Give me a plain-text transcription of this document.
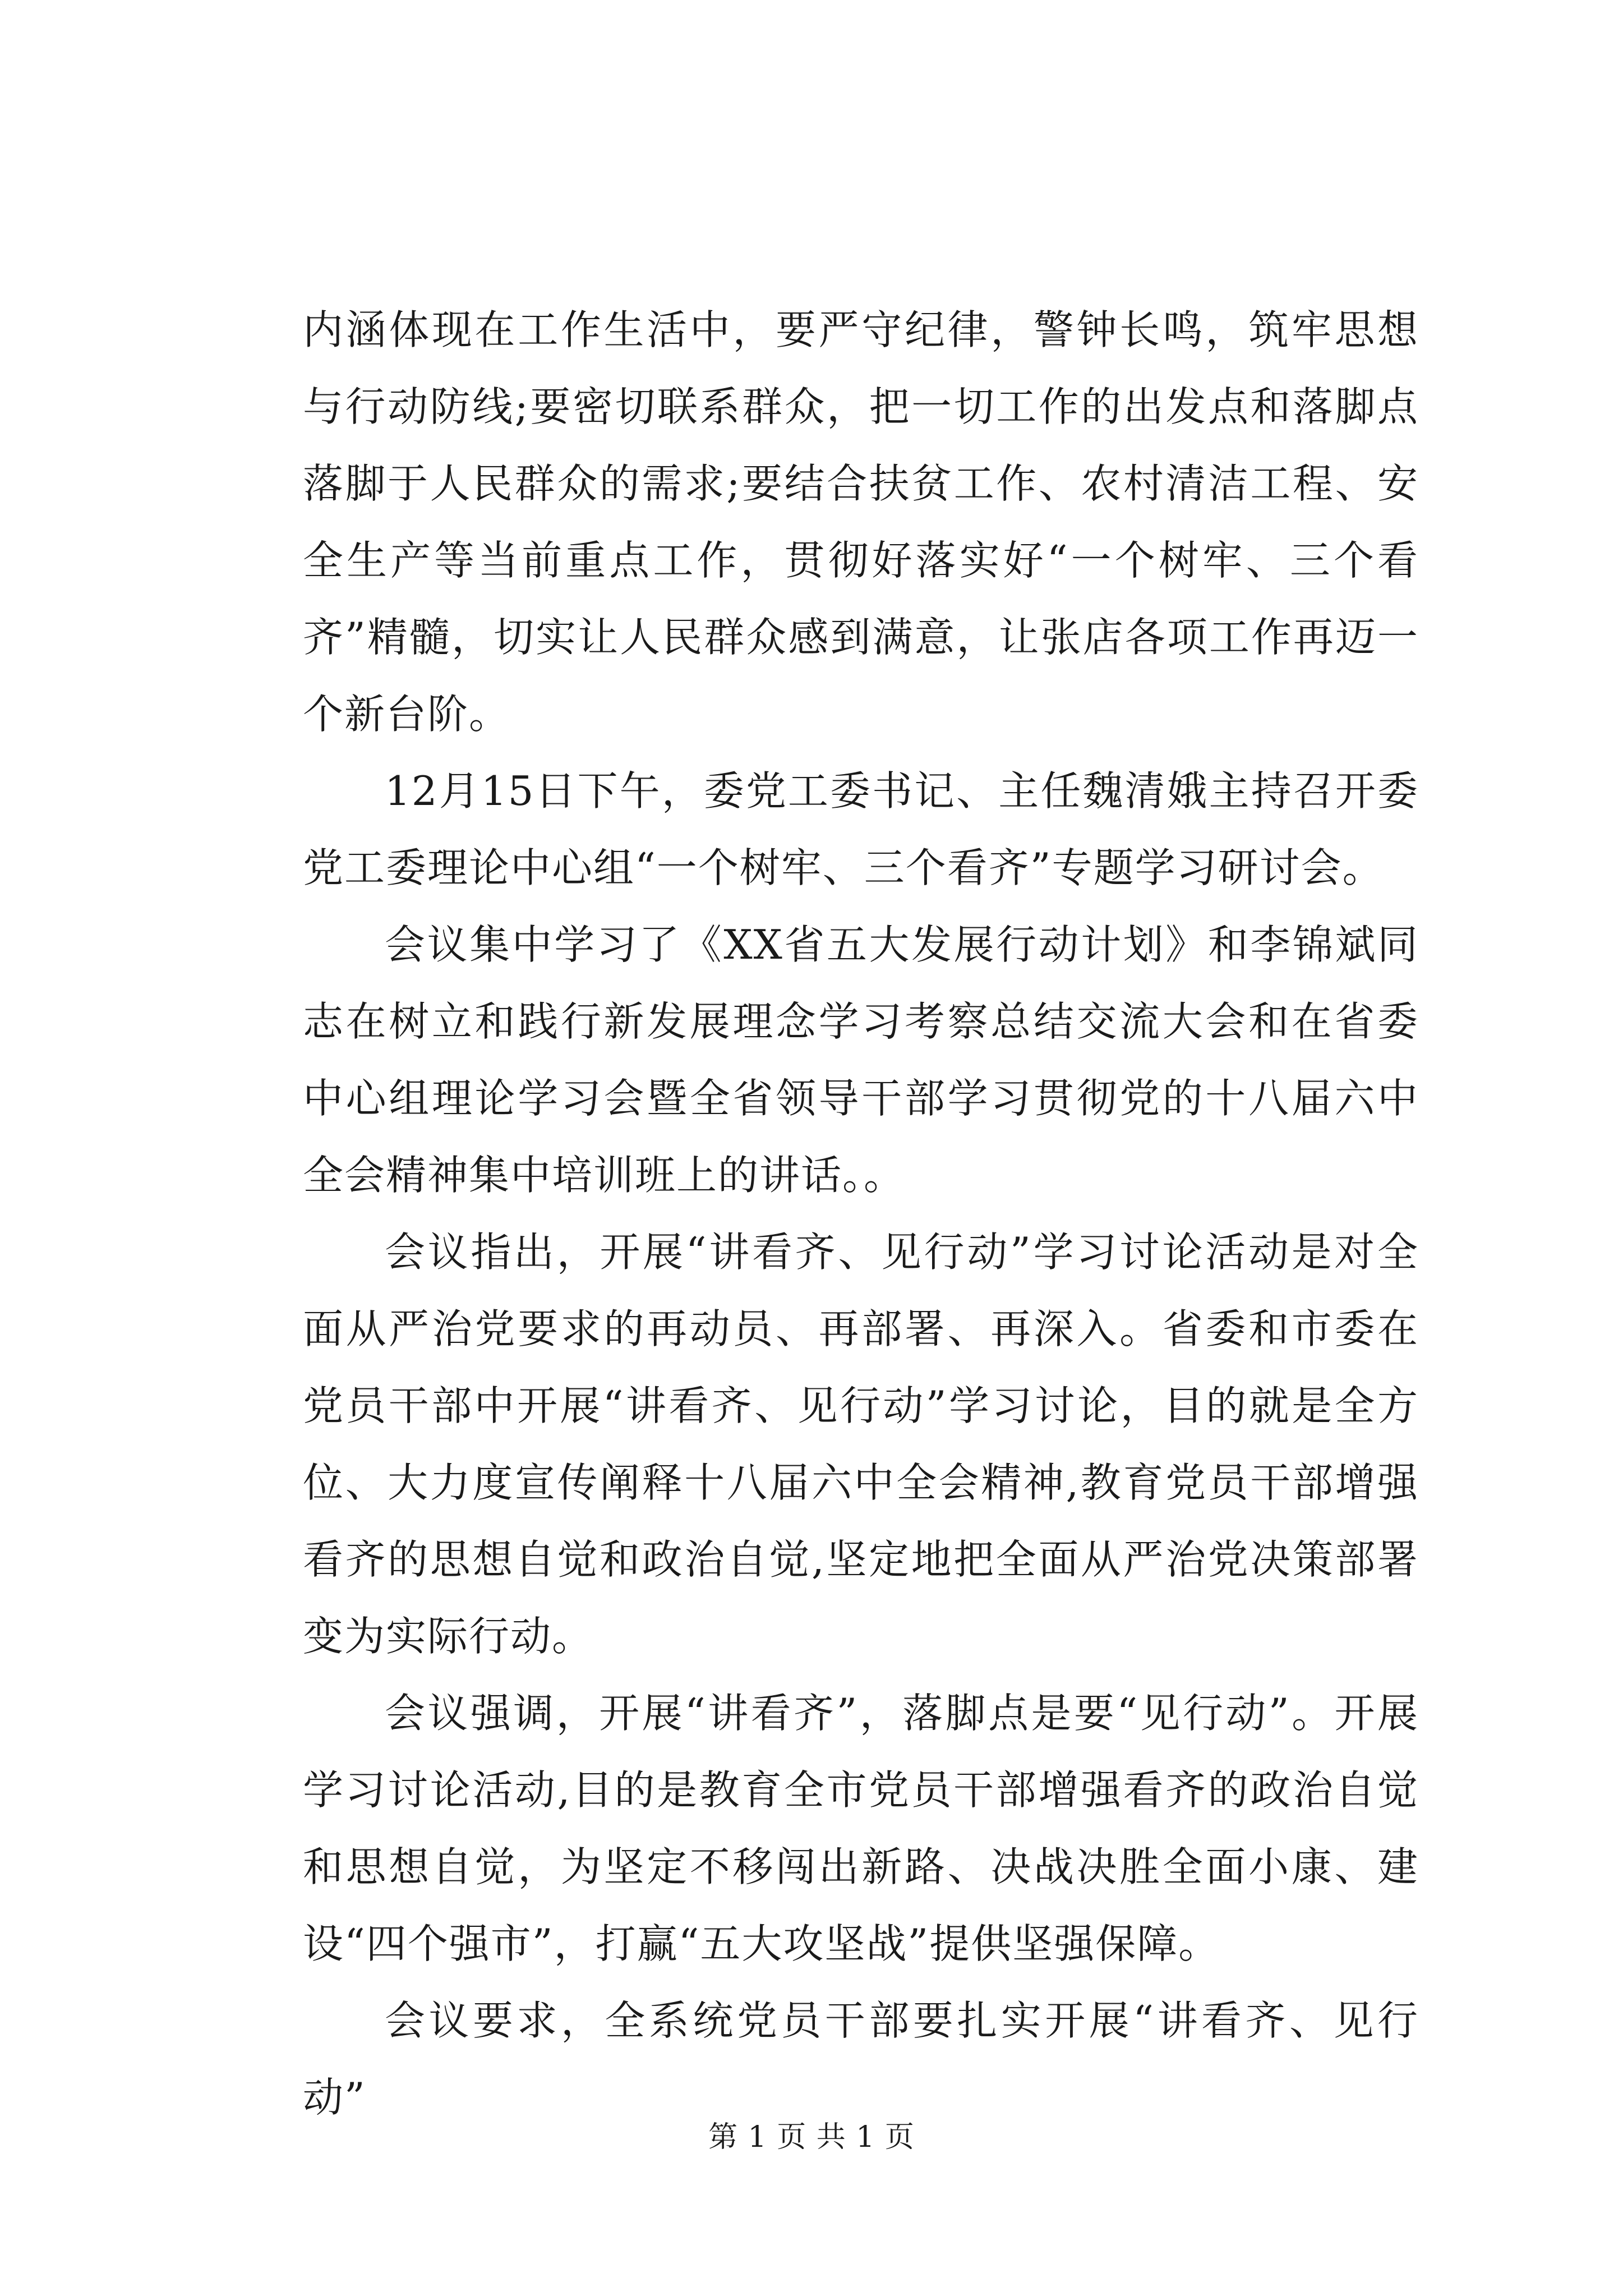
内涵体现在工作生活中，要严守纪律，警钟长鸣，筑牢思想与行动防线;要密切联系群众，把一切工作的出发点和落脚点落脚于人民群众的需求;要结合扶贫工作、农村清洁工程、安全生产等当前重点工作，贯彻好落实好“一个树牢、三个看齐”精髓，切实让人民群众感到满意，让张店各项工作再迈一个新台阶。

12月15日下午，委党工委书记、主任魏清娥主持召开委党工委理论中心组“一个树牢、三个看齐”专题学习研讨会。

会议集中学习了《XX省五大发展行动计划》和李锦斌同志在树立和践行新发展理念学习考察总结交流大会和在省委中心组理论学习会暨全省领导干部学习贯彻党的十八届六中全会精神集中培训班上的讲话。。

会议指出，开展“讲看齐、见行动”学习讨论活动是对全面从严治党要求的再动员、再部署、再深入。省委和市委在党员干部中开展“讲看齐、见行动”学习讨论，目的就是全方位、大力度宣传阐释十八届六中全会精神,教育党员干部增强看齐的思想自觉和政治自觉,坚定地把全面从严治党决策部署变为实际行动。

会议强调，开展“讲看齐”，落脚点是要“见行动”。开展学习讨论活动,目的是教育全市党员干部增强看齐的政治自觉和思想自觉，为坚定不移闯出新路、决战决胜全面小康、建设“四个强市”，打赢“五大攻坚战”提供坚强保障。

会议要求，全系统党员干部要扎实开展“讲看齐、见行动”

第 1 页 共 1 页
